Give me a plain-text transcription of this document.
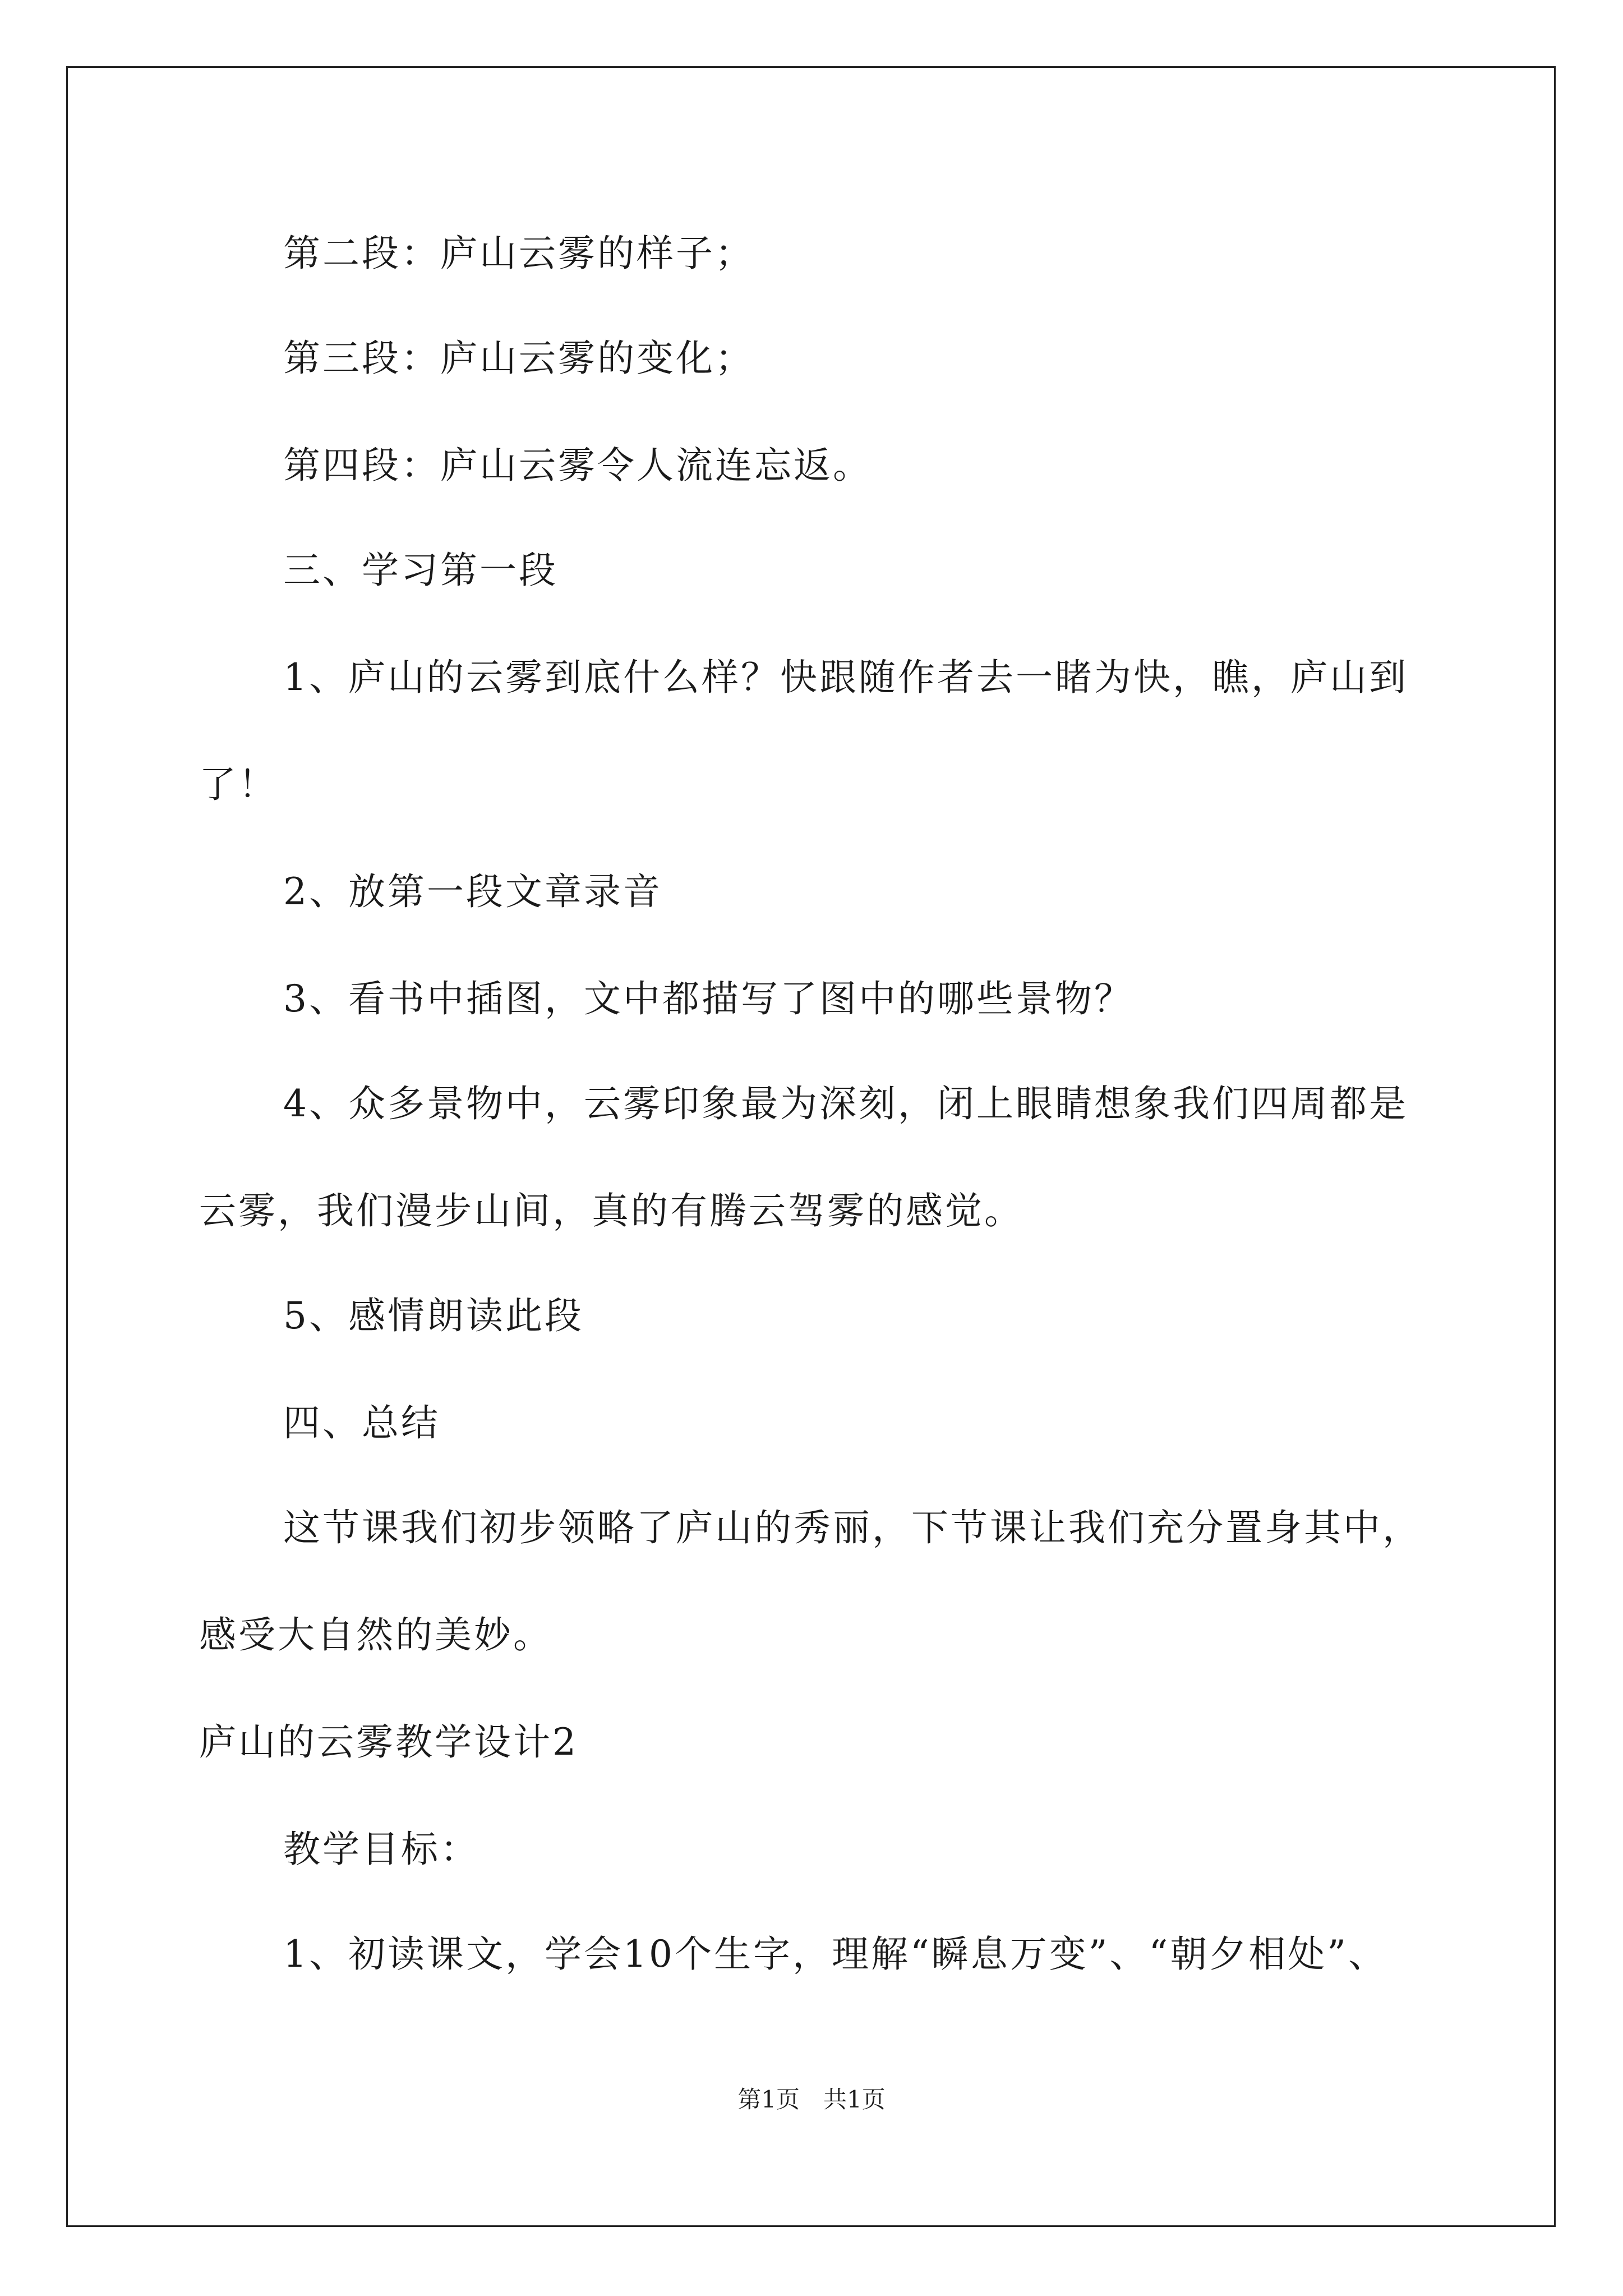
第二段：庐山云雾的样子；
第三段：庐山云雾的变化；
第四段：庐山云雾令人流连忘返。
三、学习第一段
1、庐山的云雾到底什么样？快跟随作者去一睹为快，瞧，庐山到
了！
2、放第一段文章录音
3、看书中插图，文中都描写了图中的哪些景物？
4、众多景物中，云雾印象最为深刻，闭上眼睛想象我们四周都是
云雾，我们漫步山间，真的有腾云驾雾的感觉。
5、感情朗读此段
四、总结
这节课我们初步领略了庐山的秀丽，下节课让我们充分置身其中，
感受大自然的美妙。
庐山的云雾教学设计2
教学目标：
1、初读课文，学会10个生字，理解“瞬息万变”、“朝夕相处”、
第1页　共1页
